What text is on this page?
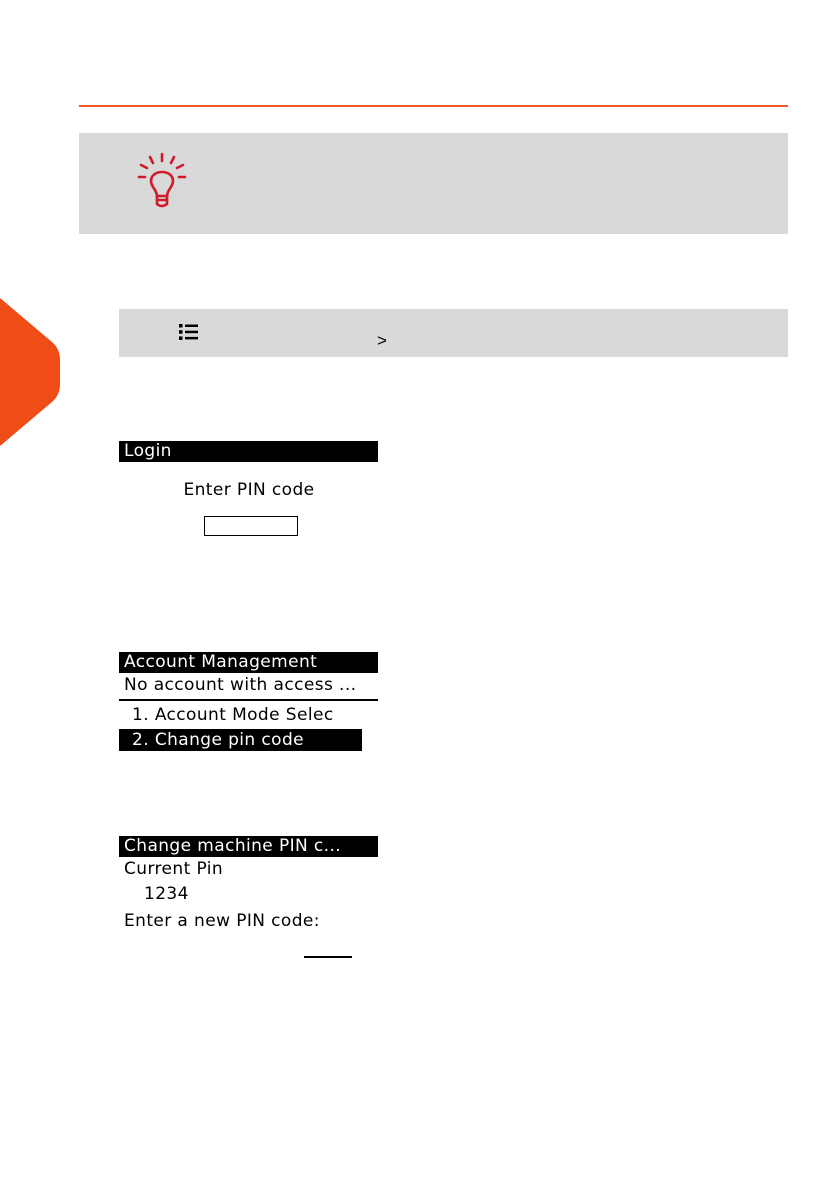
>
Login
Enter PIN code
Account Management
No account with access ...
1. Account Mode Selec
2. Change pin code
Change machine PIN c...
Current Pin
1234
Enter a new PIN code:
